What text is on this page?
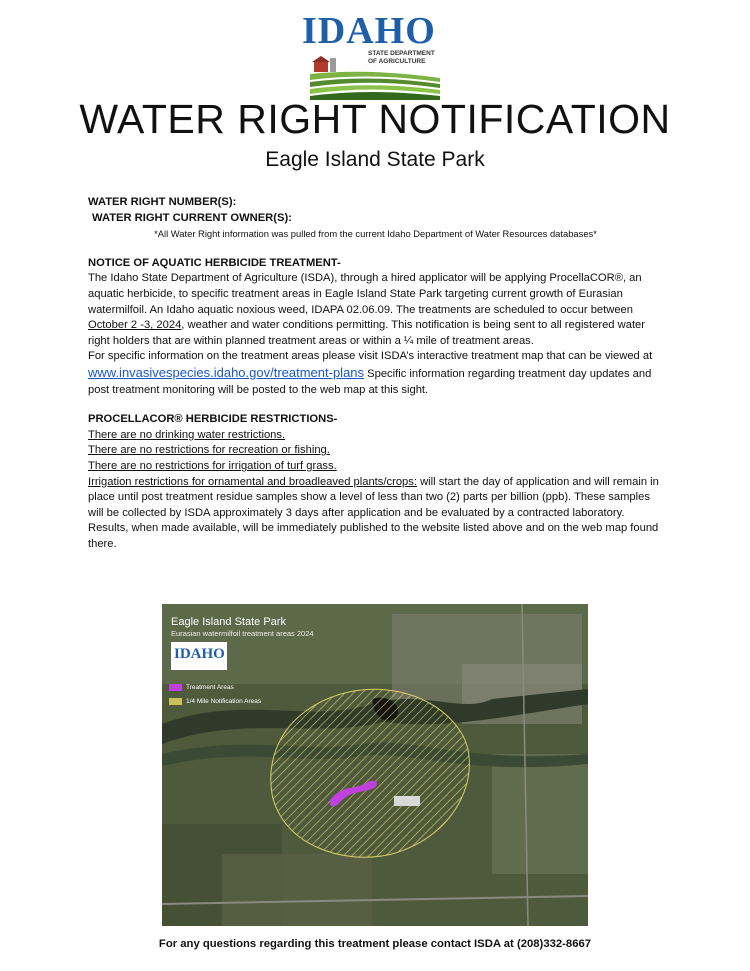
IDAHO
STATE DEPARTMENT
OF AGRICULTURE
WATER RIGHT NOTIFICATION
Eagle Island State Park
WATER RIGHT NUMBER(S):
WATER RIGHT CURRENT OWNER(S):
*All Water Right information was pulled from the current Idaho Department of Water Resources databases*
NOTICE OF AQUATIC HERBICIDE TREATMENT-
The Idaho State Department of Agriculture (ISDA), through a hired applicator will be applying ProcellaCOR®, an aquatic herbicide, to specific treatment areas in Eagle Island State Park targeting current growth of Eurasian watermilfoil. An Idaho aquatic noxious weed, IDAPA 02.06.09. The treatments are scheduled to occur between October 2 -3, 2024, weather and water conditions permitting. This notification is being sent to all registered water right holders that are within planned treatment areas or within a ¼ mile of treatment areas.
For specific information on the treatment areas please visit ISDA’s interactive treatment map that can be viewed at www.invasivespecies.idaho.gov/treatment-plans Specific information regarding treatment day updates and post treatment monitoring will be posted to the web map at this sight.
PROCELLACOR® HERBICIDE RESTRICTIONS-
There are no drinking water restrictions.
There are no restrictions for recreation or fishing.
There are no restrictions for irrigation of turf grass.
Irrigation restrictions for ornamental and broadleaved plants/crops: will start the day of application and will remain in place until post treatment residue samples show a level of less than two (2) parts per billion (ppb). These samples will be collected by ISDA approximately 3 days after application and be evaluated by a contracted laboratory. Results, when made available, will be immediately published to the website listed above and on the web map found there.
Eagle Island State Park
Eurasian watermilfoil treatment areas 2024
IDAHO
Treatment Areas
1/4 Mile Notification Areas
For any questions regarding this treatment please contact ISDA at (208)332-8667
